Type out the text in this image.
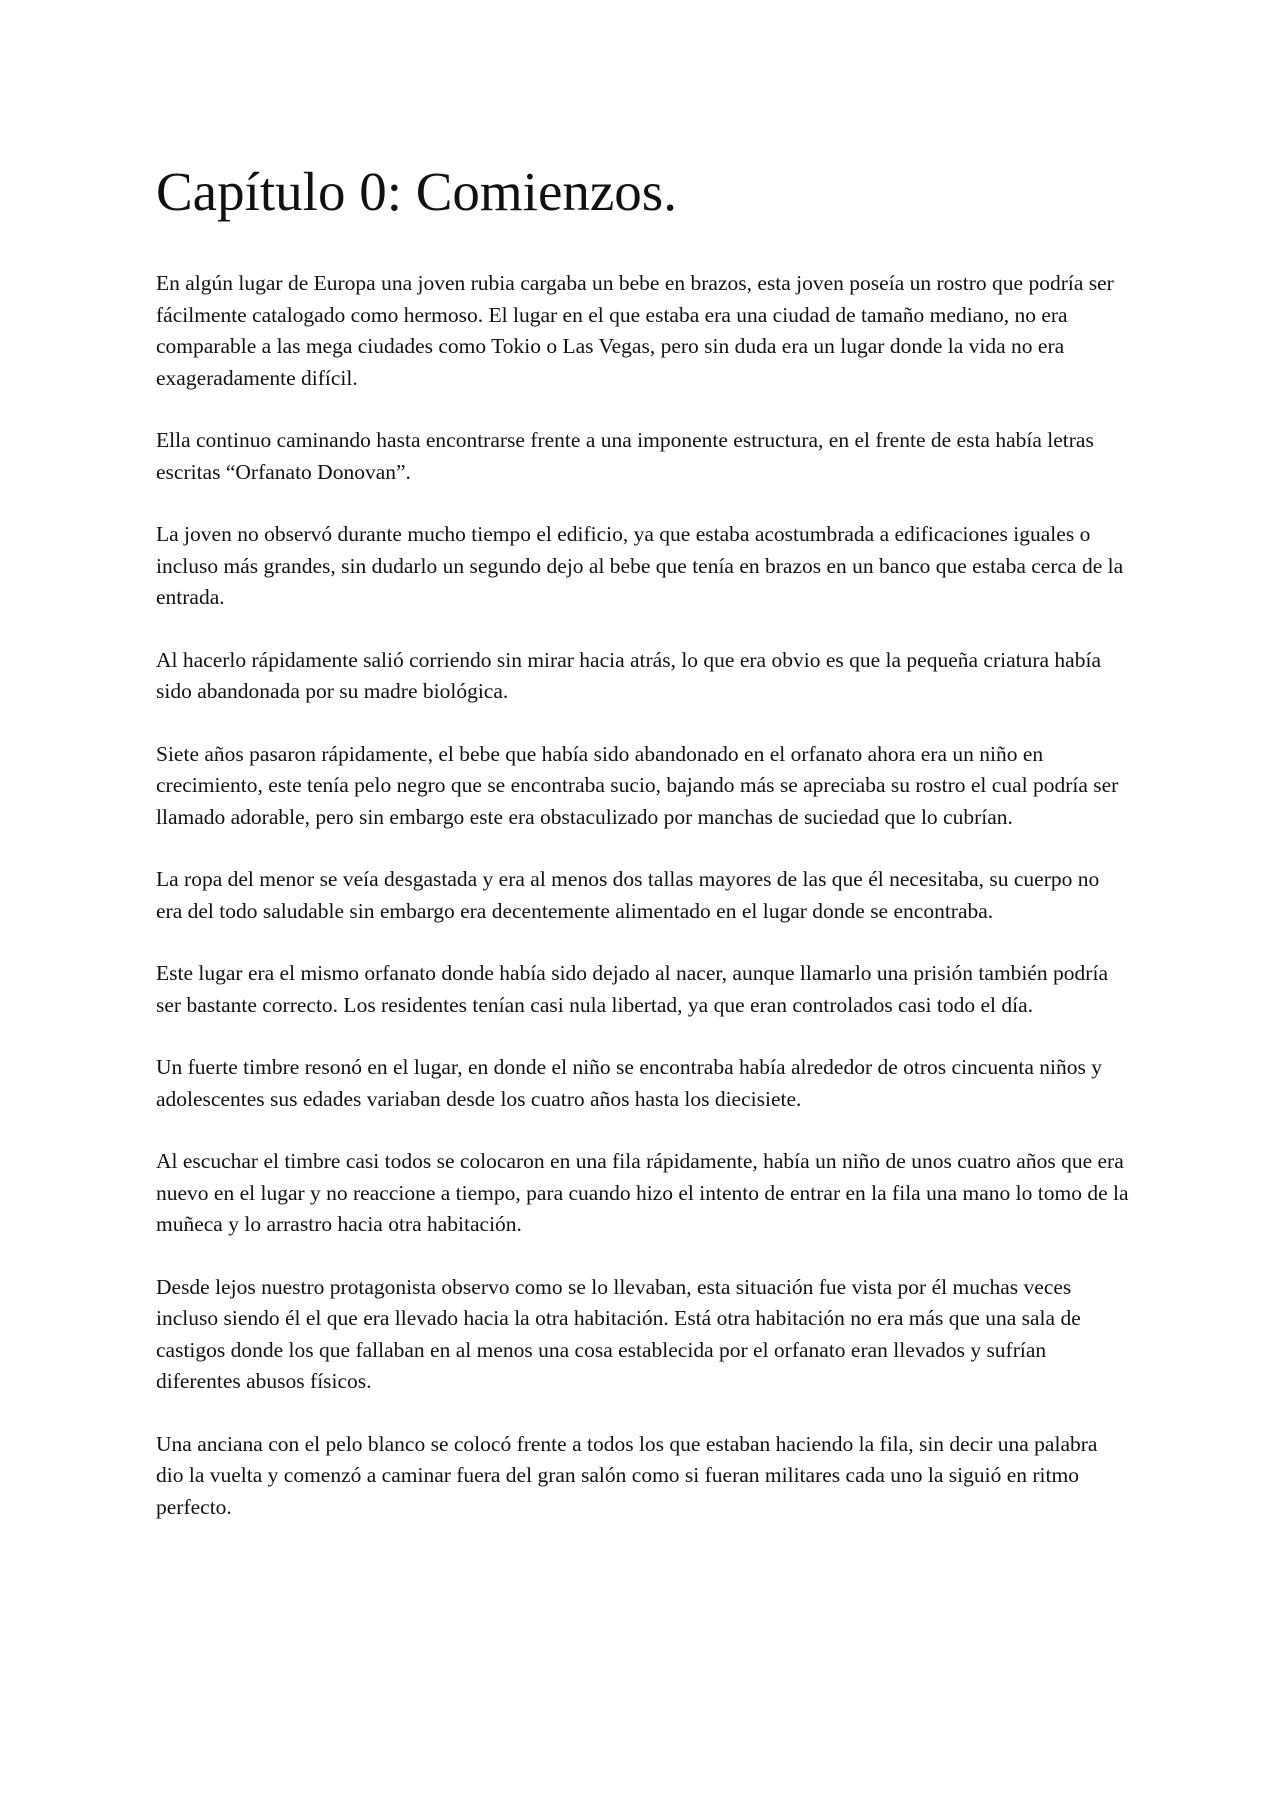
Capítulo 0: Comienzos.

En algún lugar de Europa una joven rubia cargaba un bebe en brazos, esta joven poseía un rostro que podría ser fácilmente catalogado como hermoso. El lugar en el que estaba era una ciudad de tamaño mediano, no era comparable a las mega ciudades como Tokio o Las Vegas, pero sin duda era un lugar donde la vida no era exageradamente difícil.

Ella continuo caminando hasta encontrarse frente a una imponente estructura, en el frente de esta había letras escritas “Orfanato Donovan”.

La joven no observó durante mucho tiempo el edificio, ya que estaba acostumbrada a edificaciones iguales o incluso más grandes, sin dudarlo un segundo dejo al bebe que tenía en brazos en un banco que estaba cerca de la entrada.

Al hacerlo rápidamente salió corriendo sin mirar hacia atrás, lo que era obvio es que la pequeña criatura había sido abandonada por su madre biológica.

Siete años pasaron rápidamente, el bebe que había sido abandonado en el orfanato ahora era un niño en crecimiento, este tenía pelo negro que se encontraba sucio, bajando más se apreciaba su rostro el cual podría ser llamado adorable, pero sin embargo este era obstaculizado por manchas de suciedad que lo cubrían.

La ropa del menor se veía desgastada y era al menos dos tallas mayores de las que él necesitaba, su cuerpo no era del todo saludable sin embargo era decentemente alimentado en el lugar donde se encontraba.

Este lugar era el mismo orfanato donde había sido dejado al nacer, aunque llamarlo una prisión también podría ser bastante correcto. Los residentes tenían casi nula libertad, ya que eran controlados casi todo el día.

Un fuerte timbre resonó en el lugar, en donde el niño se encontraba había alrededor de otros cincuenta niños y adolescentes sus edades variaban desde los cuatro años hasta los diecisiete.

Al escuchar el timbre casi todos se colocaron en una fila rápidamente, había un niño de unos cuatro años que era nuevo en el lugar y no reaccione a tiempo, para cuando hizo el intento de entrar en la fila una mano lo tomo de la muñeca y lo arrastro hacia otra habitación.

Desde lejos nuestro protagonista observo como se lo llevaban, esta situación fue vista por él muchas veces incluso siendo él el que era llevado hacia la otra habitación. Está otra habitación no era más que una sala de castigos donde los que fallaban en al menos una cosa establecida por el orfanato eran llevados y sufrían diferentes abusos físicos.

Una anciana con el pelo blanco se colocó frente a todos los que estaban haciendo la fila, sin decir una palabra dio la vuelta y comenzó a caminar fuera del gran salón como si fueran militares cada uno la siguió en ritmo perfecto.
